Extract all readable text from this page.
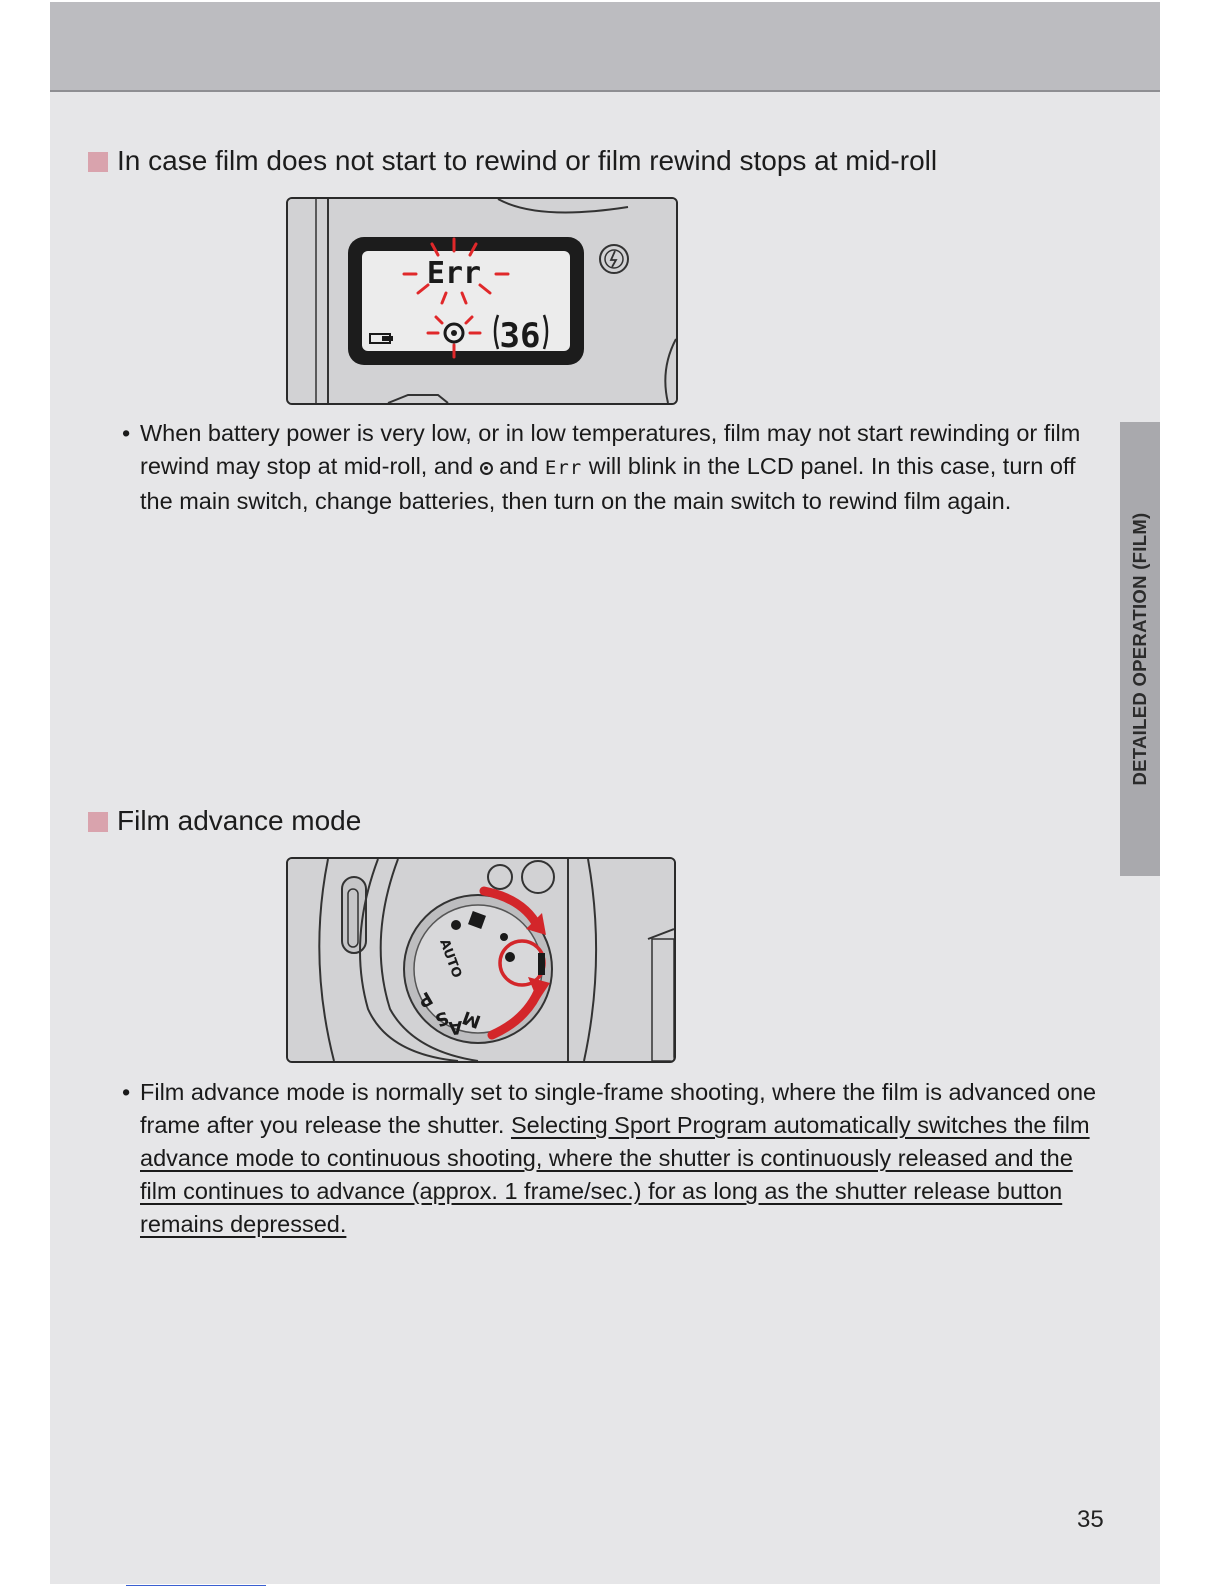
In case film does not start to rewind or film rewind stops at mid-roll
Err
36
• When battery power is very low, or in low temperatures, film may not start rewinding or film rewind may stop at mid-roll, and  and Err will blink in the LCD panel. In this case, turn off the main switch, change batteries, then turn on the main switch to rewind film again.
Film advance mode
AUTO
P
S
A
M
• Film advance mode is normally set to single-frame shooting, where the film is advanced one frame after you release the shutter. Selecting Sport Program automatically switches the film advance mode to continuous shooting, where the shutter is continuously released and the film continues to advance (approx. 1 frame/sec.) for as long as the shutter release button remains depressed.
DETAILED OPERATION (FILM)
35
